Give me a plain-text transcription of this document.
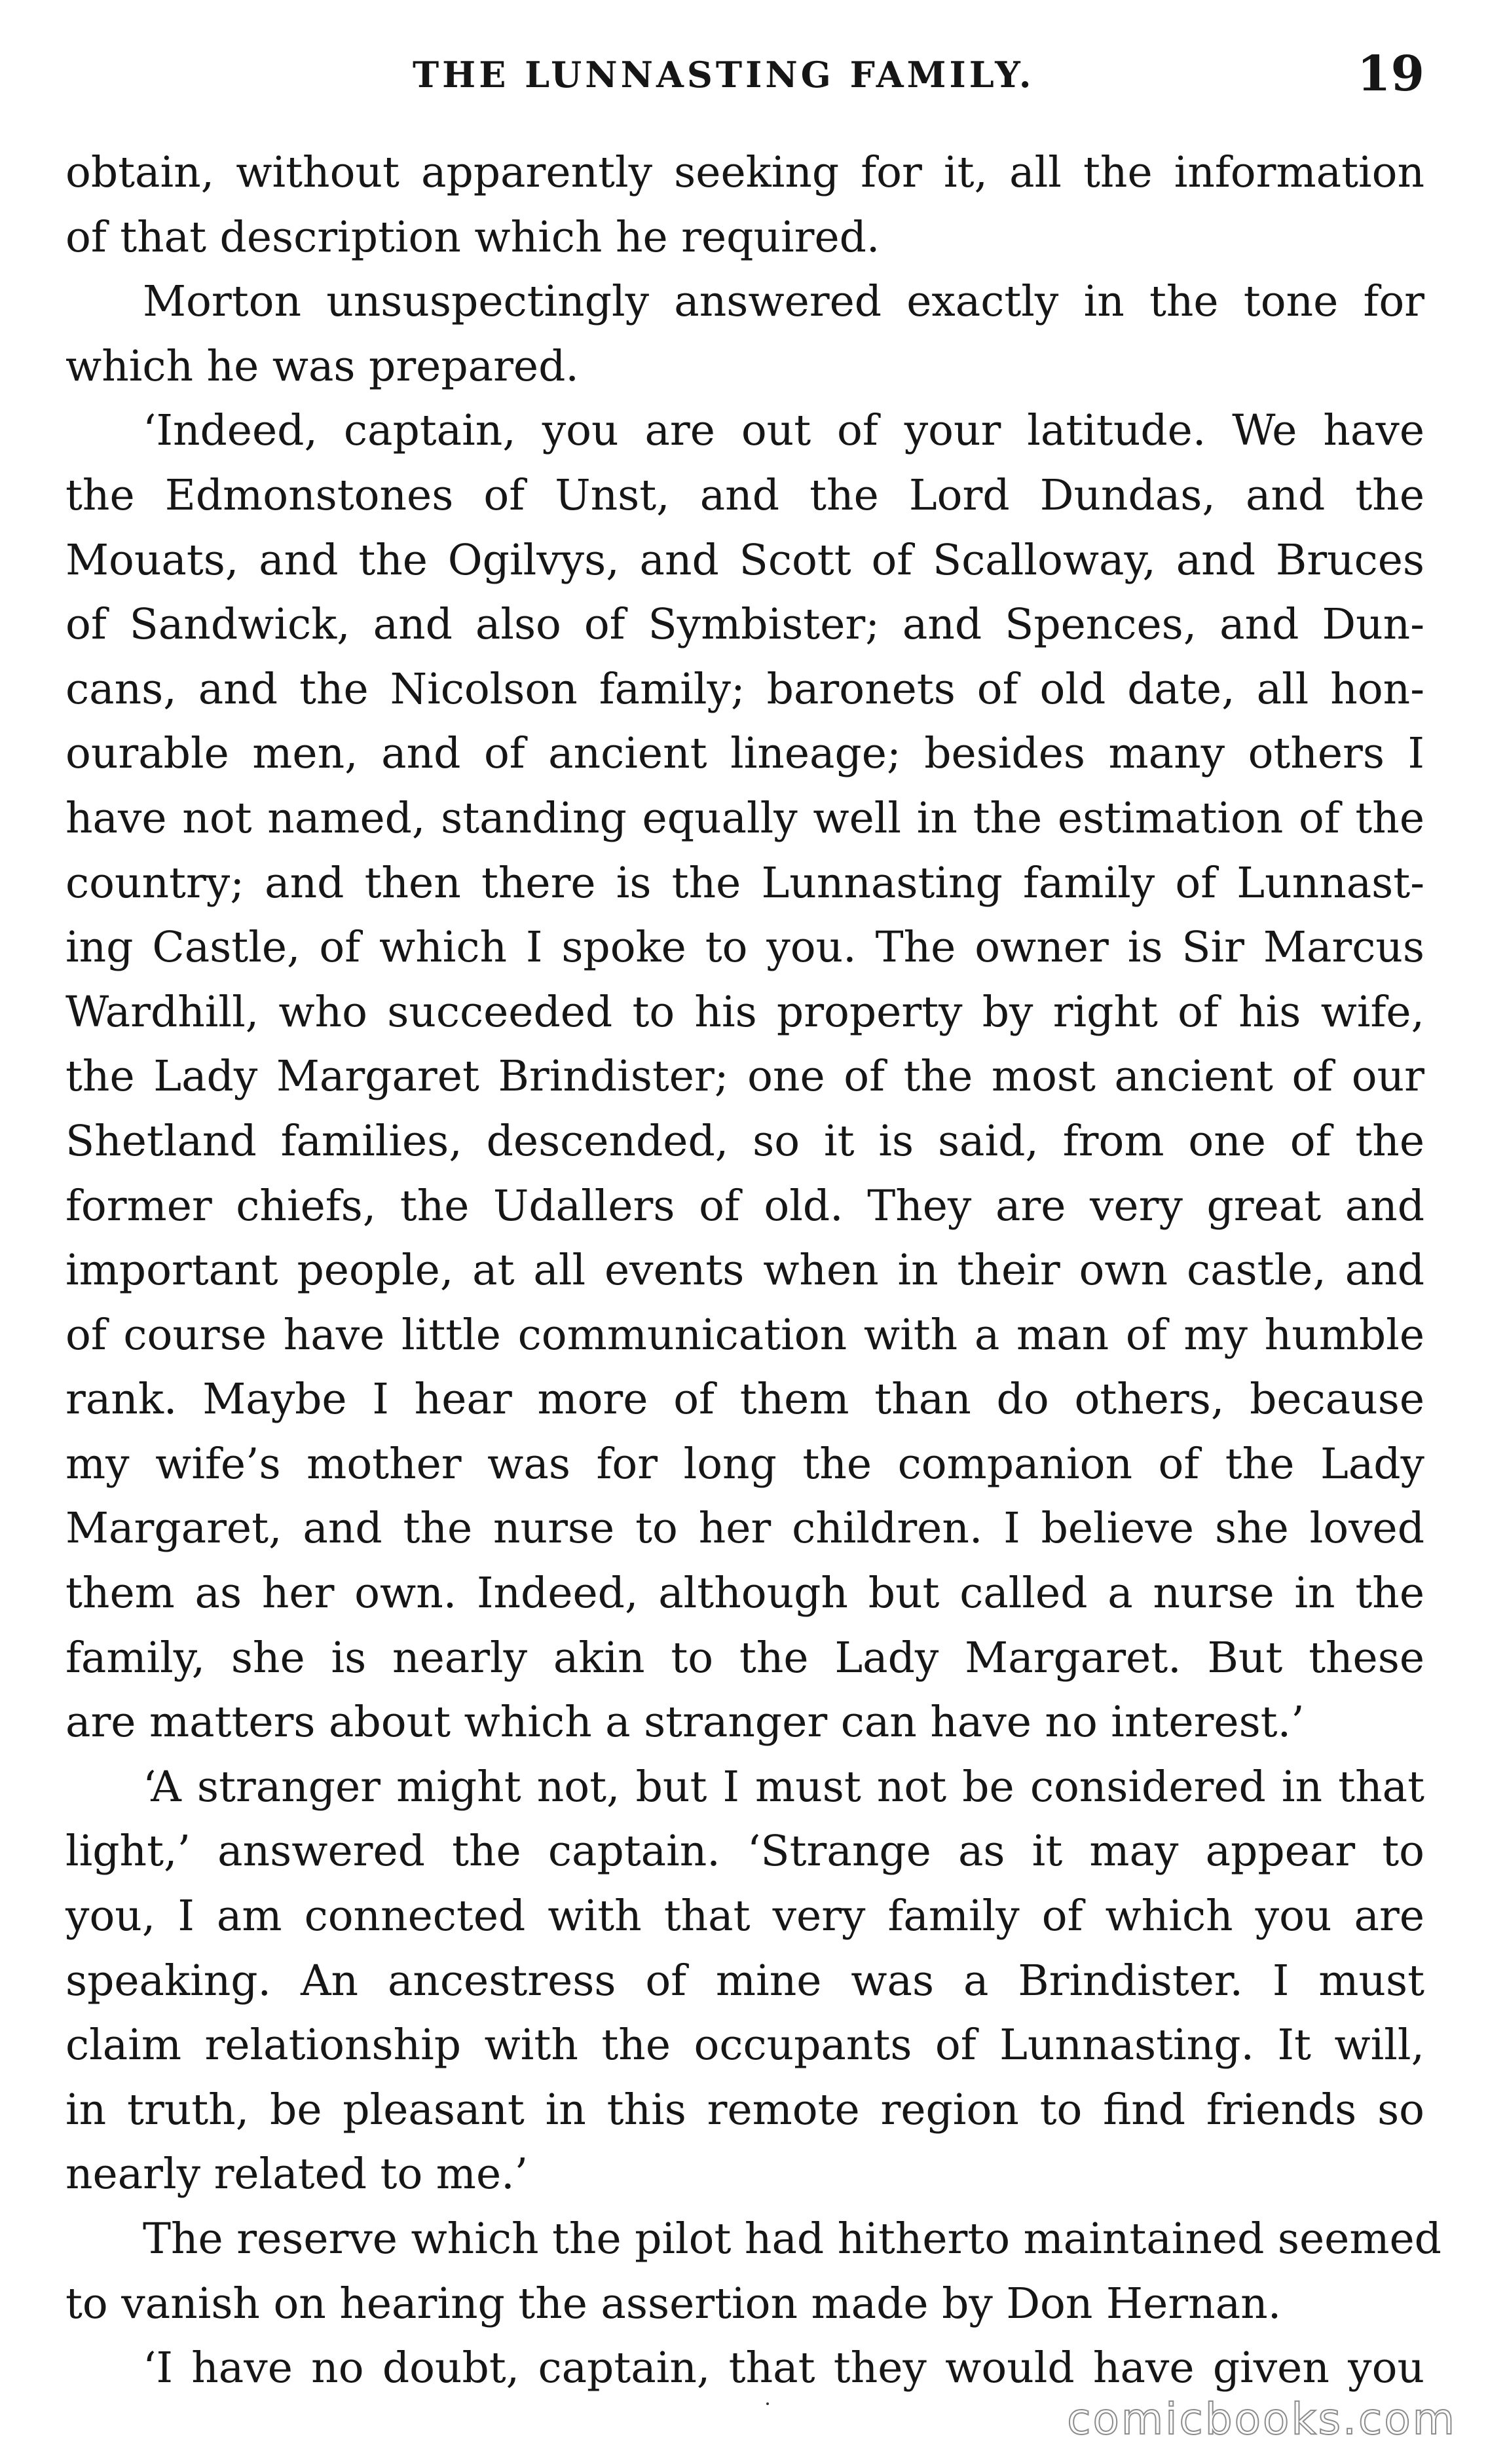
THE LUNNASTING FAMILY.	19
obtain, without apparently seeking for it, all the information
of that description which he required.
Morton unsuspectingly answered exactly in the tone for
which he was prepared.
‘Indeed, captain, you are out of your latitude. We have
the Edmonstones of Unst, and the Lord Dundas, and the
Mouats, and the Ogilvys, and Scott of Scalloway, and Bruces
of Sandwick, and also of Symbister; and Spences, and Dun-
cans, and the Nicolson family; baronets of old date, all hon-
ourable men, and of ancient lineage; besides many others I
have not named, standing equally well in the estimation of the
country; and then there is the Lunnasting family of Lunnast-
ing Castle, of which I spoke to you. The owner is Sir Marcus
Wardhill, who succeeded to his property by right of his wife,
the Lady Margaret Brindister; one of the most ancient of our
Shetland families, descended, so it is said, from one of the
former chiefs, the Udallers of old. They are very great and
important people, at all events when in their own castle, and
of course have little communication with a man of my humble
rank. Maybe I hear more of them than do others, because
my wife’s mother was for long the companion of the Lady
Margaret, and the nurse to her children. I believe she loved
them as her own. Indeed, although but called a nurse in the
family, she is nearly akin to the Lady Margaret. But these
are matters about which a stranger can have no interest.’
‘A stranger might not, but I must not be considered in that
light,’ answered the captain. ‘Strange as it may appear to
you, I am connected with that very family of which you are
speaking. An ancestress of mine was a Brindister. I must
claim relationship with the occupants of Lunnasting. It will,
in truth, be pleasant in this remote region to find friends so
nearly related to me.’
The reserve which the pilot had hitherto maintained seemed
to vanish on hearing the assertion made by Don Hernan.
‘I have no doubt, captain, that they would have given you
comicbooks.com
